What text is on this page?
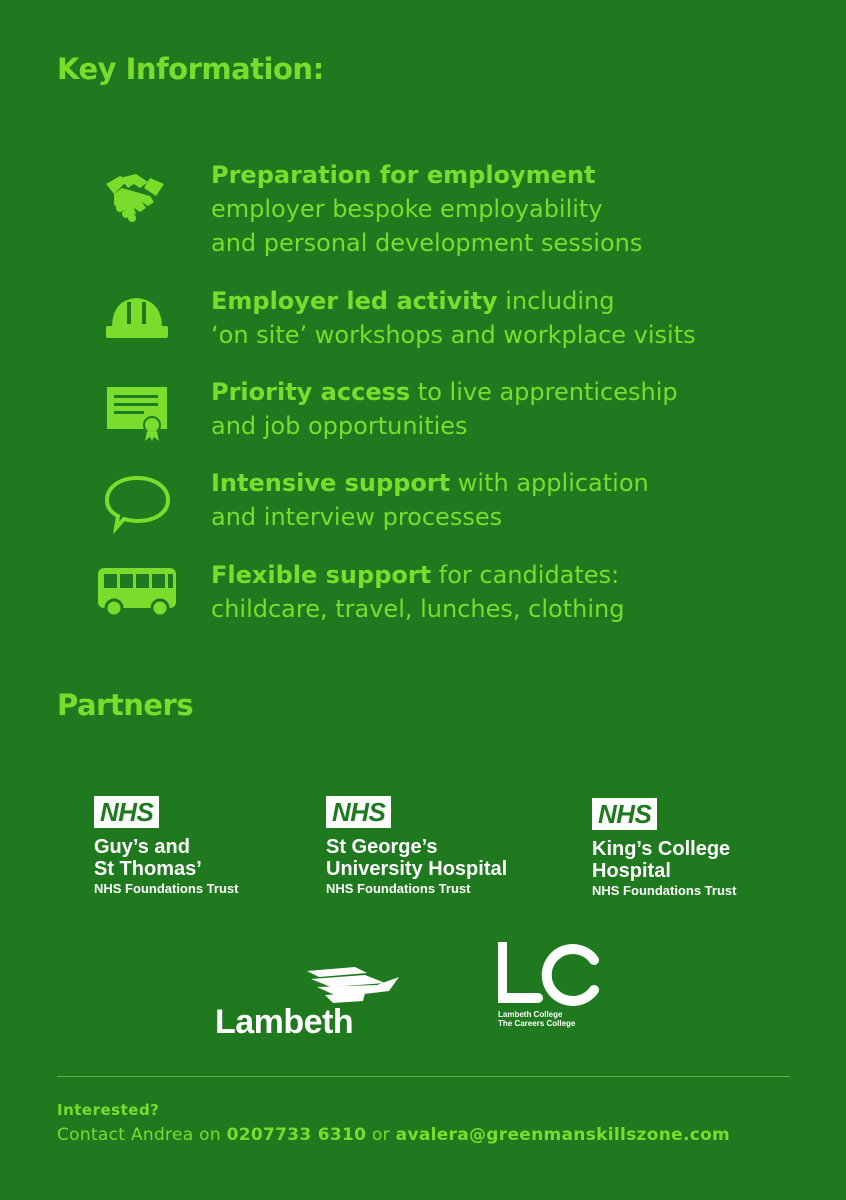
Key Information:
Preparation for employment
employer bespoke employability
and personal development sessions
Employer led activity including
‘on site’ workshops and workplace visits
Priority access to live apprenticeship
and job opportunities
Intensive support with application
and interview processes
Flexible support for candidates:
childcare, travel, lunches, clothing
Partners
NHS
Guy’s and
St Thomas’
NHS Foundations Trust
NHS
St George’s
University Hospital
NHS Foundations Trust
NHS
King’s College
Hospital
NHS Foundations Trust
Lambeth	Lambeth College
The Careers College
Interested?
Contact Andrea on 0207733 6310 or avalera@greenmanskillszone.com
